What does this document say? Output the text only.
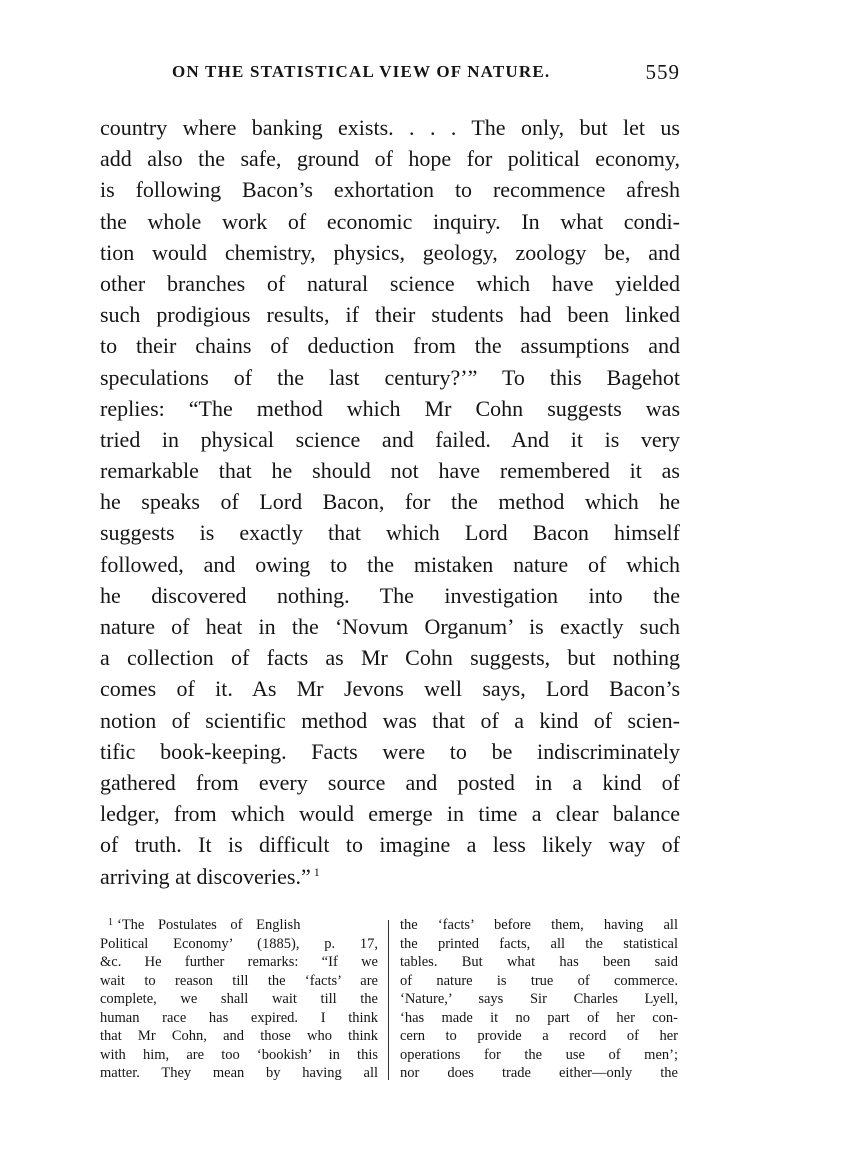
ON THE STATISTICAL VIEW OF NATURE.	559
country where banking exists. . . . The only, but let us
add also the safe, ground of hope for political economy,
is following Bacon’s exhortation to recommence afresh
the whole work of economic inquiry. In what condi-
tion would chemistry, physics, geology, zoology be, and
other branches of natural science which have yielded
such prodigious results, if their students had been linked
to their chains of deduction from the assumptions and
speculations of the last century?’” To this Bagehot
replies: “The method which Mr Cohn suggests was
tried in physical science and failed. And it is very
remarkable that he should not have remembered it as
he speaks of Lord Bacon, for the method which he
suggests is exactly that which Lord Bacon himself
followed, and owing to the mistaken nature of which
he discovered nothing. The investigation into the
nature of heat in the ‘Novum Organum’ is exactly such
a collection of facts as Mr Cohn suggests, but nothing
comes of it. As Mr Jevons well says, Lord Bacon’s
notion of scientific method was that of a kind of scien-
tific book-keeping. Facts were to be indiscriminately
gathered from every source and posted in a kind of
ledger, from which would emerge in time a clear balance
of truth. It is difficult to imagine a less likely way of
arriving at discoveries.” $^1$
$^1$ ‘The Postulates of English
Political Economy’ (1885), p. 17,
&c. He further remarks: “If we
wait to reason till the ‘facts’ are
complete, we shall wait till the
human race has expired. I think
that Mr Cohn, and those who think
with him, are too ‘bookish’ in this
matter. They mean by having all
the ‘facts’ before them, having all
the printed facts, all the statistical
tables. But what has been said
of nature is true of commerce.
‘Nature,’ says Sir Charles Lyell,
‘has made it no part of her con-
cern to provide a record of her
operations for the use of men’;
nor does trade either—only the
